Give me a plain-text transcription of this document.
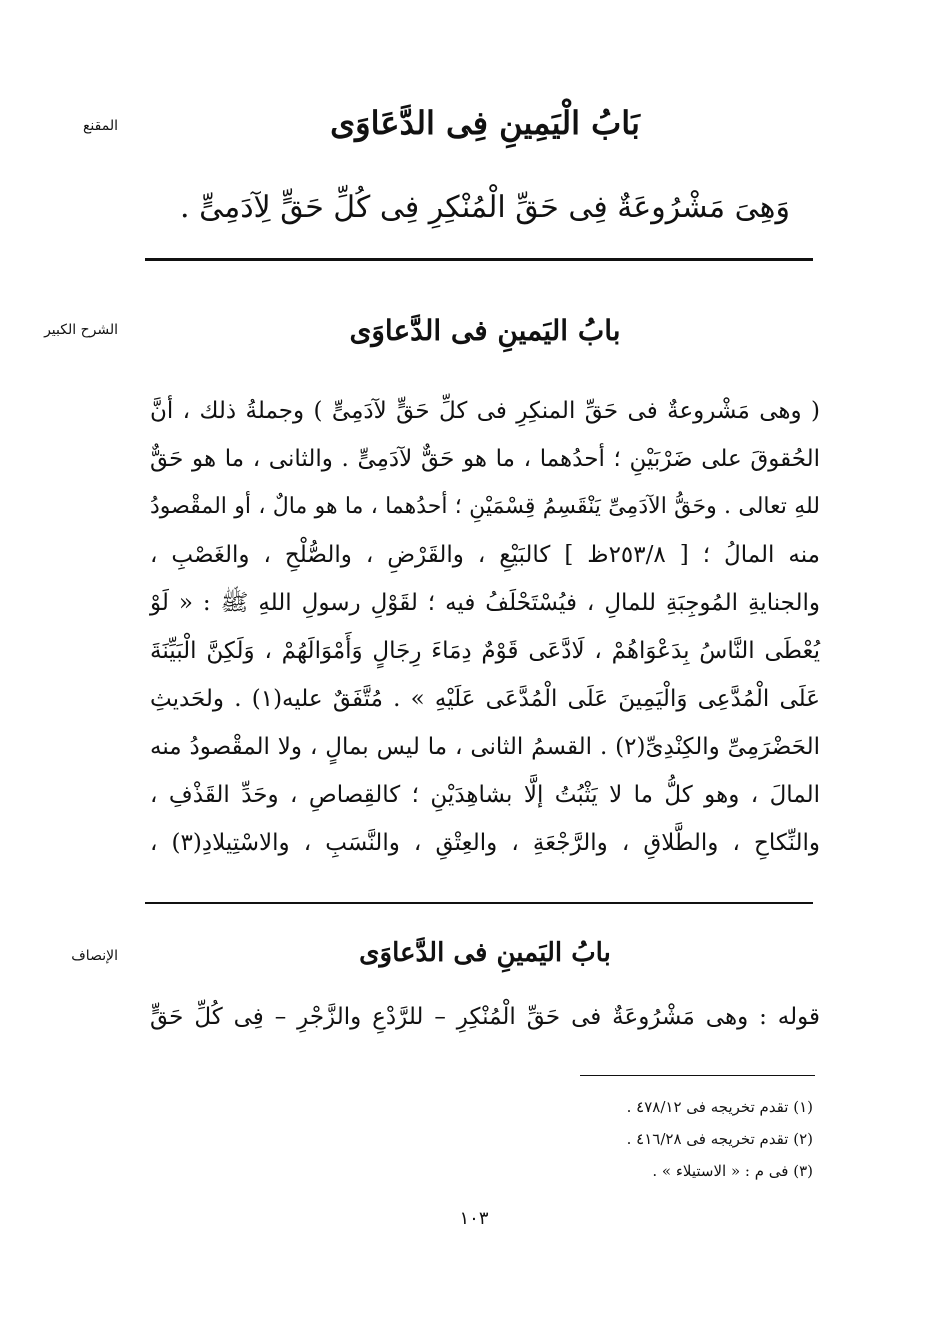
المقنع	بَابُ الْيَمِينِ فِى الدَّعَاوَى
وَهِىَ مَشْرُوعَةٌ فِى حَقِّ الْمُنْكِرِ فِى كُلِّ حَقٍّ لِآدَمِىٍّ .
الشرح الكبير	بابُ اليَمينِ فى الدَّعاوَى
( وهى مَشْروعةٌ فى حَقِّ المنكِرِ فى كلِّ حَقٍّ لآدَمِىٍّ ) وجملةُ ذلك ، أنَّ
الحُقوقَ على ضَرْبَيْنِ ؛ أحدُهما ، ما هو حَقٌّ لآدَمِىٍّ . والثانى ، ما هو حَقٌّ
للهِ تعالى . وحَقُّ الآدَمِىِّ يَنْقَسِمُ قِسْمَيْنِ ؛ أحدُهما ، ما هو مالٌ ، أو المقْصودُ
منه المالُ ؛ [ ٢٥٣/٨ظ ] كالبَيْعِ ، والقَرْضِ ، والصُّلْحِ ، والغَصْبِ ،
والجنايةِ المُوجِبَةِ للمالِ ، فيُسْتَحْلَفُ فيه ؛ لقَوْلِ رسولِ اللهِ ﷺ : « لَوْ
يُعْطَى النَّاسُ بِدَعْوَاهُمْ ، لَادَّعَى قَوْمٌ دِمَاءَ رِجَالٍ وَأَمْوَالَهُمْ ، وَلَكِنَّ الْبَيِّنَةَ
عَلَى الْمُدَّعِى وَالْيَمِينَ عَلَى الْمُدَّعَى عَلَيْهِ » . مُتَّفَقٌ عليه(١) . ولحَديثِ
الحَضْرَمِىِّ والكِنْدِىِّ(٢) . القسمُ الثانى ، ما ليس بمالٍ ، ولا المقْصودُ منه
المالَ ، وهو كلُّ ما لا يَثْبُتُ إلَّا بشاهِدَيْنِ ؛ كالقِصاصِ ، وحَدِّ القَذْفِ ،
والنِّكاحِ ، والطَّلاقِ ، والرَّجْعَةِ ، والعِتْقِ ، والنَّسَبِ ، والاسْتِيلادِ(٣) ،
الإنصاف	بابُ اليَمينِ فى الدَّعاوَى
قوله : وهى مَشْرُوعَةٌ فى حَقِّ الْمُنْكِرِ – للرَّدْعِ والزَّجْرِ – فِى كُلِّ حَقٍّ
(١) تقدم تخريجه فى ٤٧٨/١٢ .
(٢) تقدم تخريجه فى ٤١٦/٢٨ .
(٣) فى م : « الاستيلاء » .
١٠٣
